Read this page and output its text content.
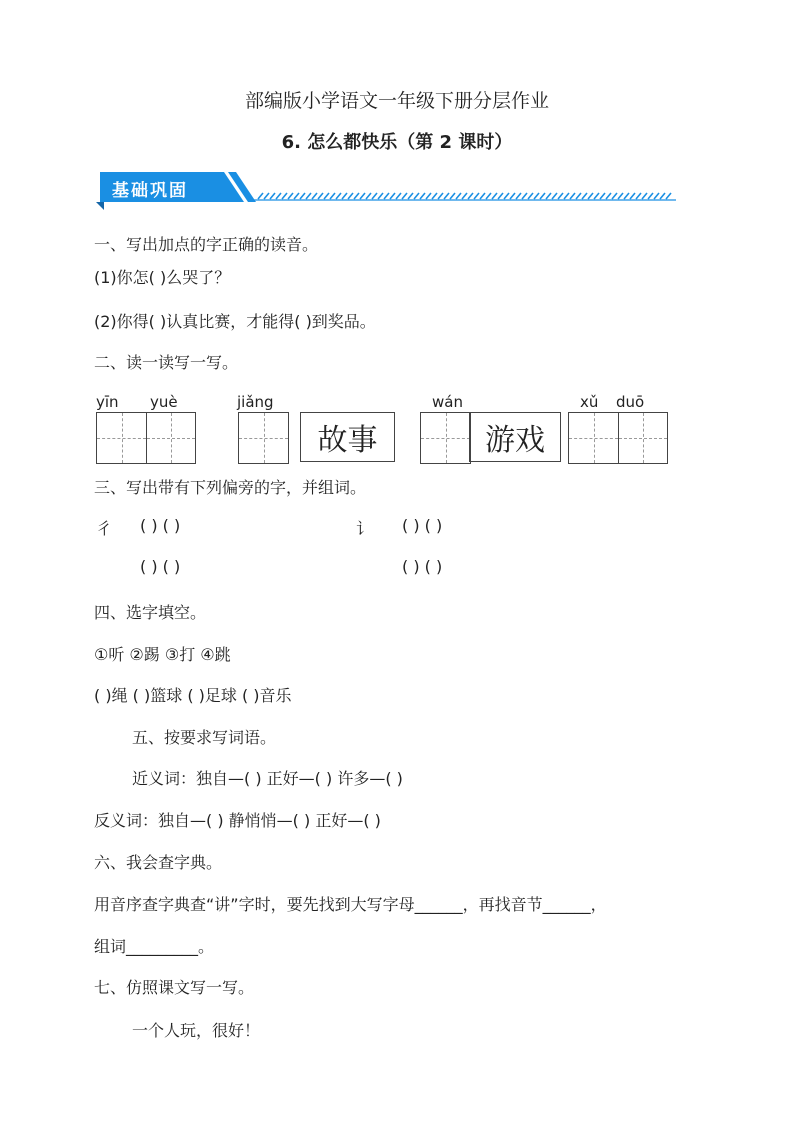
部编版小学语文一年级下册分层作业
6. 怎么都快乐（第 2 课时）
基础巩固
一、写出加点的字正确的读音。
(1)你怎( )么哭了？
(2)你得( )认真比赛，才能得( )到奖品。
二、读一读写一写。
yīn yuè	jiǎng	wán	xǔ duō
故事	游戏
三、写出带有下列偏旁的字，并组词。
彳 ( ) ( )	讠 ( ) ( )
( ) ( )	( ) ( )
四、选字填空。
①听 ②踢 ③打 ④跳
( )绳 ( )篮球 ( )足球 ( )音乐
五、按要求写词语。
近义词：独自—( ) 正好—( ) 许多—( )
反义词：独自—( ) 静悄悄—( ) 正好—( )
六、我会查字典。
用音序查字典查“讲”字时，要先找到大写字母______，再找音节______，
组词_________。
七、仿照课文写一写。
一个人玩，很好！
